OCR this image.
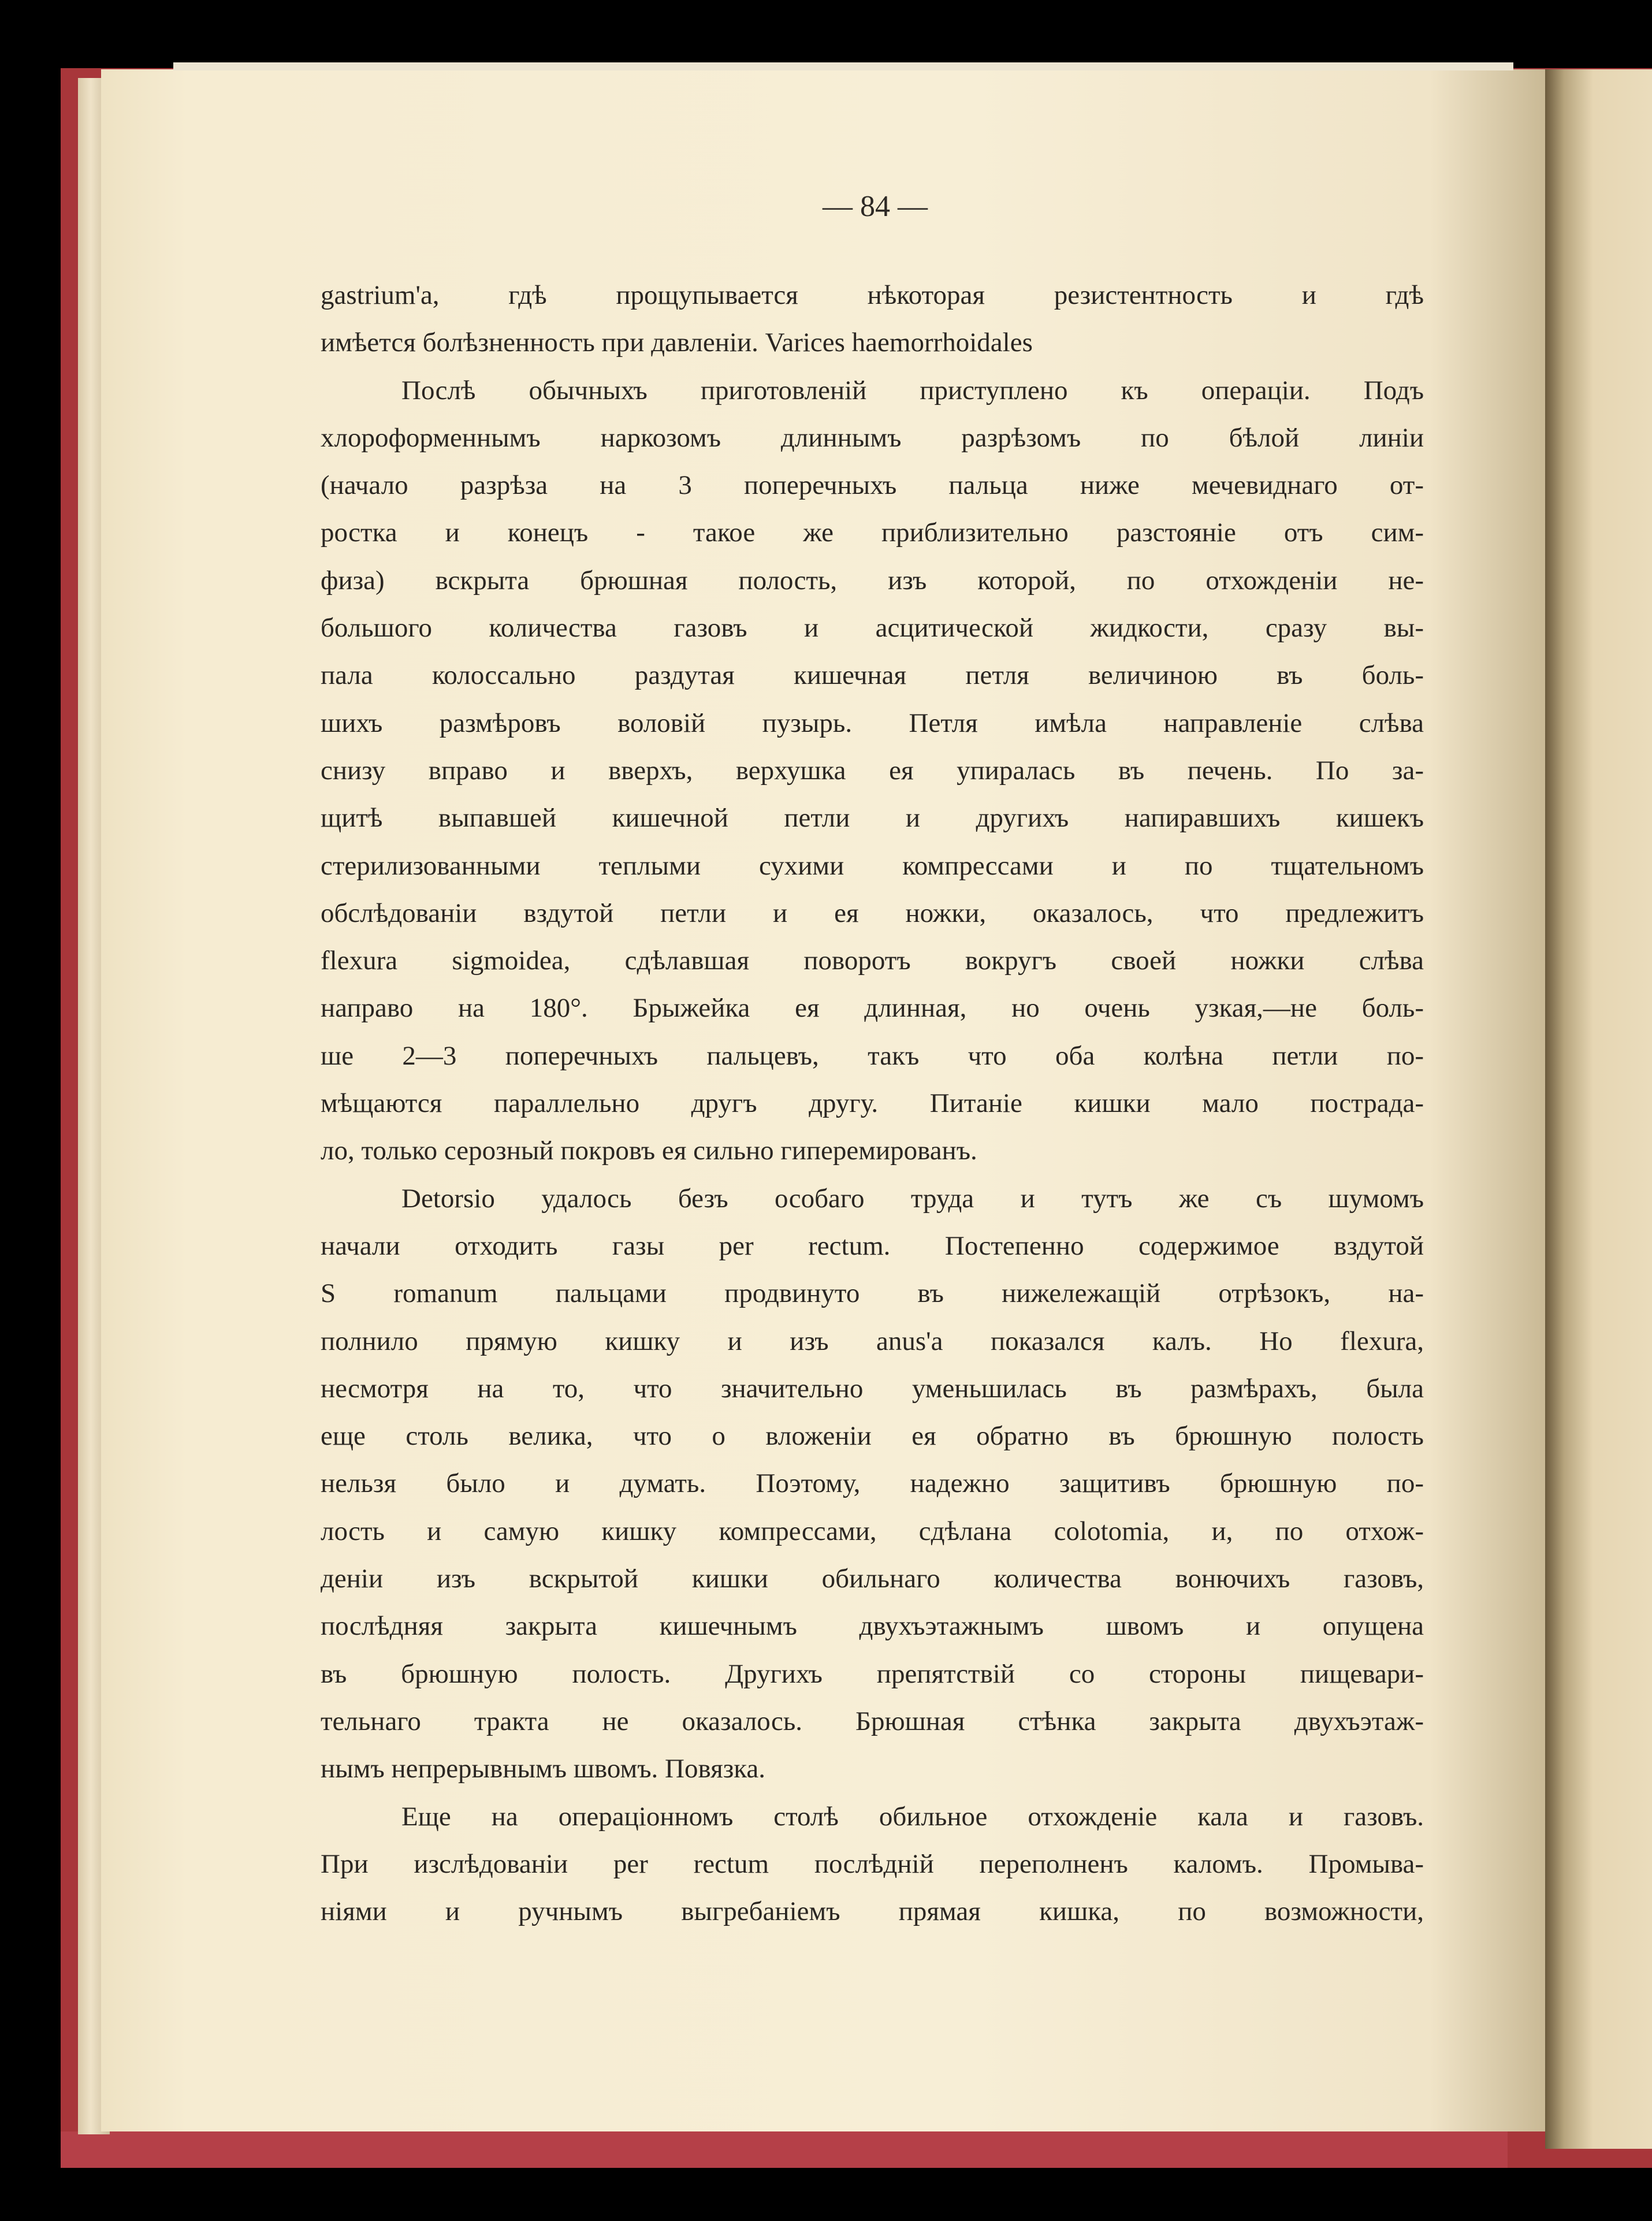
— 84 —
gastrium'a, гдѣ прощупывается нѣкоторая резистентность и гдѣ
имѣется болѣзненность при давленіи. Varices haemorrhoidales
Послѣ обычныхъ приготовленій приступлено къ операціи. Подъ
хлороформеннымъ наркозомъ длиннымъ разрѣзомъ по бѣлой линіи
(начало разрѣза на 3 поперечныхъ пальца ниже мечевиднаго от-
ростка и конецъ - такое же приблизительно разстояніе отъ сим-
физа) вскрыта брюшная полость, изъ которой, по отхожденіи не-
большого количества газовъ и асцитической жидкости, сразу вы-
пала колоссально раздутая кишечная петля величиною въ боль-
шихъ размѣровъ воловій пузырь. Петля имѣла направленіе слѣва
снизу вправо и вверхъ, верхушка ея упиралась въ печень. По за-
щитѣ выпавшей кишечной петли и другихъ напиравшихъ кишекъ
стерилизованными теплыми сухими компрессами и по тщательномъ
обслѣдованіи вздутой петли и ея ножки, оказалось, что предлежитъ
flexura sigmoidea, сдѣлавшая поворотъ вокругъ своей ножки слѣва
направо на 180°. Брыжейка ея длинная, но очень узкая,—не боль-
ше 2—3 поперечныхъ пальцевъ, такъ что оба колѣна петли по-
мѣщаются параллельно другъ другу. Питаніе кишки мало пострада-
ло, только серозный покровъ ея сильно гиперемированъ.
Detorsio удалось безъ особаго труда и тутъ же съ шумомъ
начали отходить газы per rectum. Постепенно содержимое вздутой
S romanum пальцами продвинуто въ нижележащій отрѣзокъ, на-
полнило прямую кишку и изъ anus'a показался калъ. Но flexura,
несмотря на то, что значительно уменьшилась въ размѣрахъ, была
еще столь велика, что о вложеніи ея обратно въ брюшную полость
нельзя было и думать. Поэтому, надежно защитивъ брюшную по-
лость и самую кишку компрессами, сдѣлана colotomia, и, по отхож-
деніи изъ вскрытой кишки обильнаго количества вонючихъ газовъ,
послѣдняя закрыта кишечнымъ двухъэтажнымъ швомъ и опущена
въ брюшную полость. Другихъ препятствій со стороны пищевари-
тельнаго тракта не оказалось. Брюшная стѣнка закрыта двухъэтаж-
нымъ непрерывнымъ швомъ. Повязка.
Еще на операціонномъ столѣ обильное отхожденіе кала и газовъ.
При изслѣдованіи per rectum послѣдній переполненъ каломъ. Промыва-
ніями и ручнымъ выгребаніемъ прямая кишка, по возможности,
